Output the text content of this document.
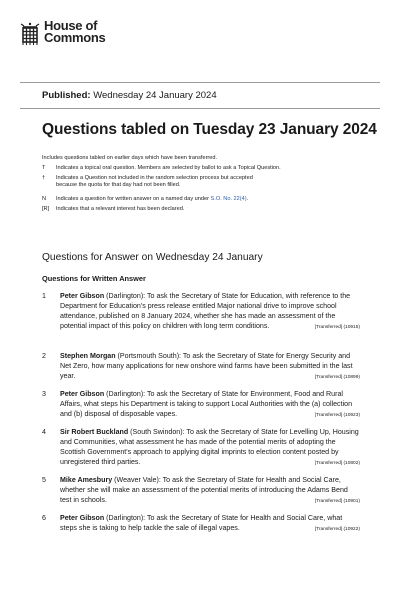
House of
Commons
Published: Wednesday 24 January 2024
Questions tabled on Tuesday 23 January 2024
Includes questions tabled on earlier days which have been transferred.
T	Indicates a topical oral question. Members are selected by ballot to ask a Topical Question.
†	Indicates a Question not included in the random selection process but accepted because the quota for that day had not been filled.
N	Indicates a question for written answer on a named day under S.O. No. 22(4).
[R]	Indicates that a relevant interest has been declared.
Questions for Answer on Wednesday 24 January
Questions for Written Answer
1 Peter Gibson (Darlington): To ask the Secretary of State for Education, with reference to the Department for Education's press release entitled Major national drive to improve school attendance, published on 8 January 2024, whether she has made an assessment of the potential impact of this policy on children with long term conditions.	[Transferred] (10915)
2 Stephen Morgan (Portsmouth South): To ask the Secretary of State for Energy Security and Net Zero, how many applications for new onshore wind farms have been submitted in the last year.	[Transferred] (10899)
3 Peter Gibson (Darlington): To ask the Secretary of State for Environment, Food and Rural Affairs, what steps his Department is taking to support Local Authorities with the (a) collection and (b) disposal of disposable vapes.	[Transferred] (10923)
4 Sir Robert Buckland (South Swindon): To ask the Secretary of State for Levelling Up, Housing and Communities, what assessment he has made of the potential merits of adopting the Scottish Government's approach to applying digital imprints to election content posted by unregistered third parties.	[Transferred] (10802)
5 Mike Amesbury (Weaver Vale): To ask the Secretary of State for Health and Social Care, whether she will make an assessment of the potential merits of introducing the Adams Bend test in schools.	[Transferred] (10901)
6 Peter Gibson (Darlington): To ask the Secretary of State for Health and Social Care, what steps she is taking to help tackle the sale of illegal vapes.	[Transferred] (10922)
